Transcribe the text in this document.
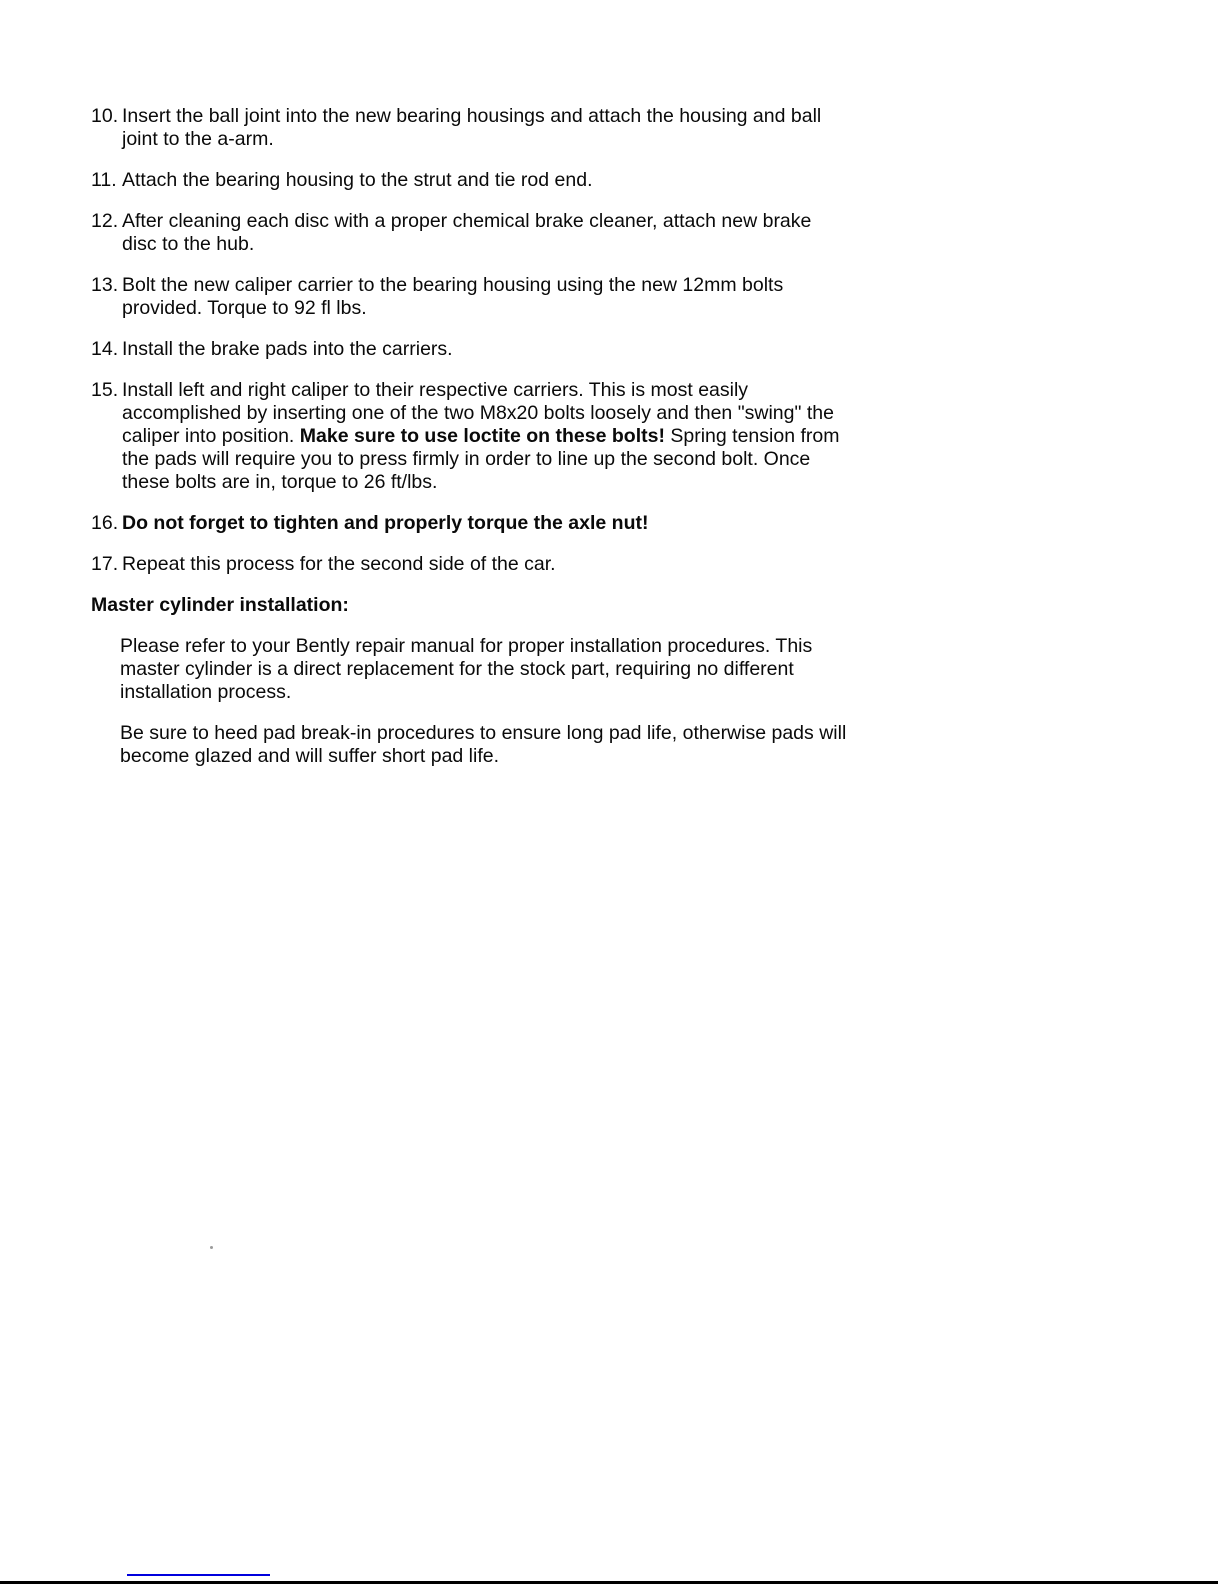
10. Insert the ball joint into the new bearing housings and attach the housing and ball
joint to the a-arm.
11. Attach the bearing housing to the strut and tie rod end.
12. After cleaning each disc with a proper chemical brake cleaner, attach new brake
disc to the hub.
13. Bolt the new caliper carrier to the bearing housing using the new 12mm bolts
provided. Torque to 92 fl lbs.
14. Install the brake pads into the carriers.
15. Install left and right caliper to their respective carriers. This is most easily
accomplished by inserting one of the two M8x20 bolts loosely and then "swing" the
caliper into position. Make sure to use loctite on these bolts! Spring tension from
the pads will require you to press firmly in order to line up the second bolt. Once
these bolts are in, torque to 26 ft/lbs.
16. Do not forget to tighten and properly torque the axle nut!
17. Repeat this process for the second side of the car.
Master cylinder installation:
Please refer to your Bently repair manual for proper installation procedures. This
master cylinder is a direct replacement for the stock part, requiring no different
installation process.
Be sure to heed pad break-in procedures to ensure long pad life, otherwise pads will
become glazed and will suffer short pad life.
